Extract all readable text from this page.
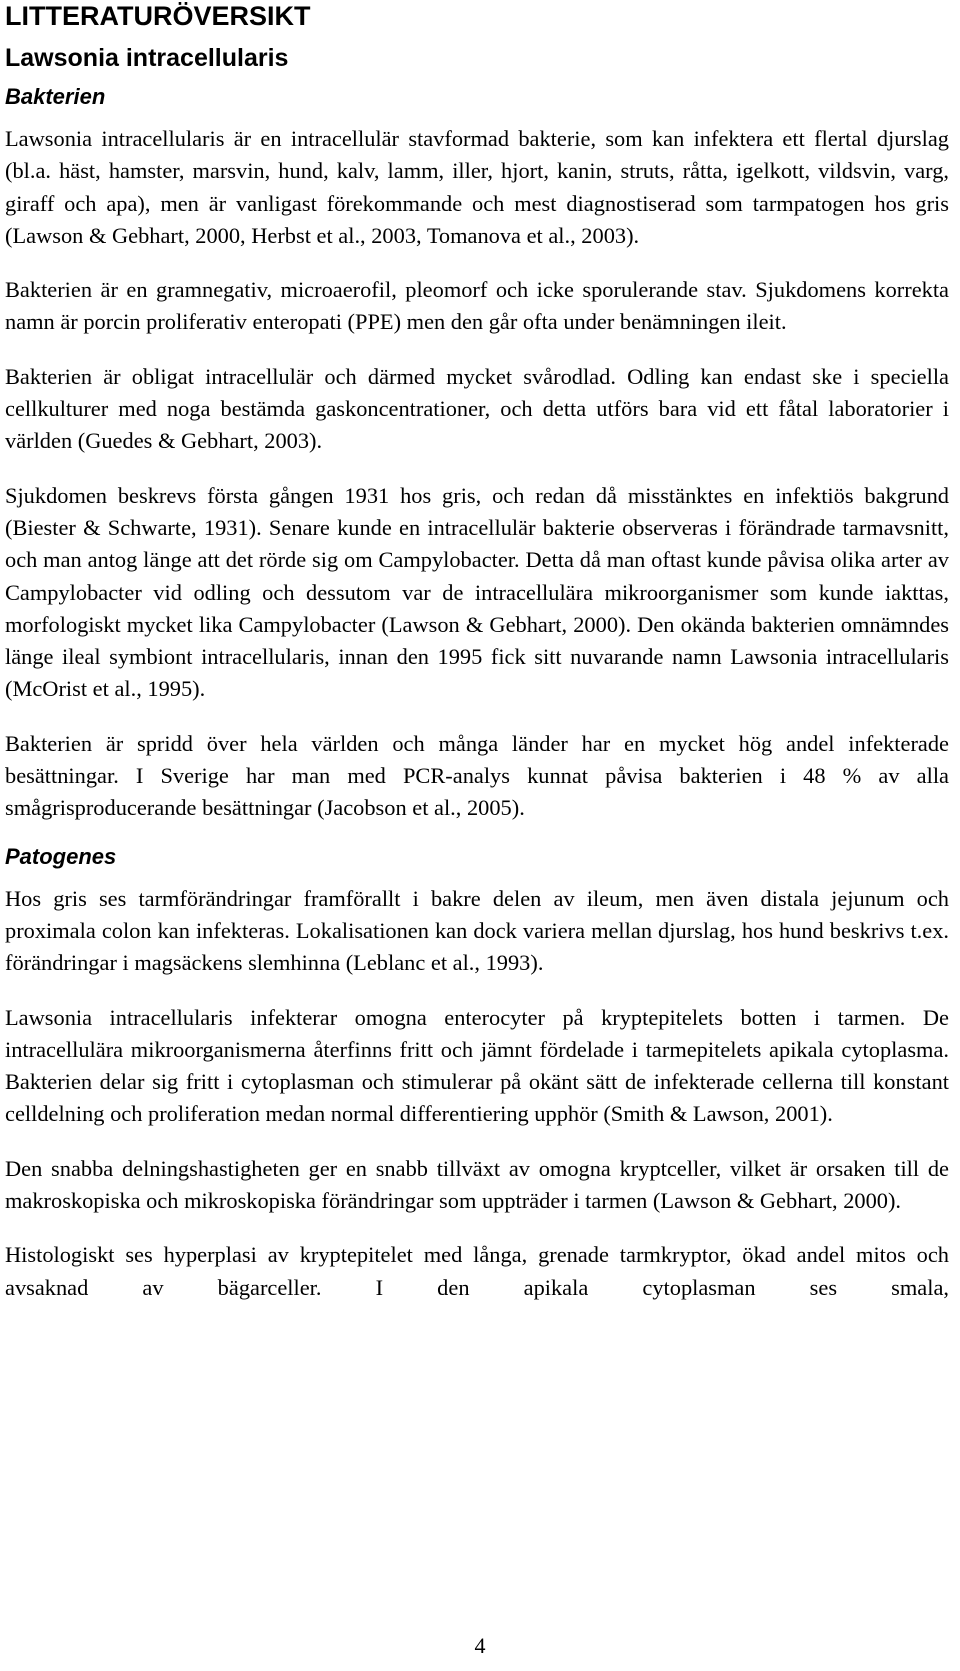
LITTERATURÖVERSIKT
Lawsonia intracellularis
Bakterien

Lawsonia intracellularis är en intracellulär stavformad bakterie, som kan infektera ett flertal djurslag (bl.a. häst, hamster, marsvin, hund, kalv, lamm, iller, hjort, kanin, struts, råtta, igelkott, vildsvin, varg, giraff och apa), men är vanligast förekommande och mest diagnostiserad som tarmpatogen hos gris (Lawson & Gebhart, 2000, Herbst et al., 2003, Tomanova et al., 2003).

Bakterien är en gramnegativ, microaerofil, pleomorf och icke sporulerande stav. Sjukdomens korrekta namn är porcin proliferativ enteropati (PPE) men den går ofta under benämningen ileit.

Bakterien är obligat intracellulär och därmed mycket svårodlad. Odling kan endast ske i speciella cellkulturer med noga bestämda gaskoncentrationer, och detta utförs bara vid ett fåtal laboratorier i världen (Guedes & Gebhart, 2003).

Sjukdomen beskrevs första gången 1931 hos gris, och redan då misstänktes en infektiös bakgrund (Biester & Schwarte, 1931). Senare kunde en intracellulär bakterie observeras i förändrade tarmavsnitt, och man antog länge att det rörde sig om Campylobacter. Detta då man oftast kunde påvisa olika arter av Campylobacter vid odling och dessutom var de intracellulära mikroorganismer som kunde iakttas, morfologiskt mycket lika Campylobacter (Lawson & Gebhart, 2000). Den okända bakterien omnämndes länge ileal symbiont intracellularis, innan den 1995 fick sitt nuvarande namn Lawsonia intracellularis (McOrist et al., 1995).

Bakterien är spridd över hela världen och många länder har en mycket hög andel infekterade besättningar. I Sverige har man med PCR-analys kunnat påvisa bakterien i 48 % av alla smågrisproducerande besättningar (Jacobson et al., 2005).

Patogenes

Hos gris ses tarmförändringar framförallt i bakre delen av ileum, men även distala jejunum och proximala colon kan infekteras. Lokalisationen kan dock variera mellan djurslag, hos hund beskrivs t.ex. förändringar i magsäckens slemhinna (Leblanc et al., 1993).

Lawsonia intracellularis infekterar omogna enterocyter på kryptepitelets botten i tarmen. De intracellulära mikroorganismerna återfinns fritt och jämnt fördelade i tarmepitelets apikala cytoplasma. Bakterien delar sig fritt i cytoplasman och stimulerar på okänt sätt de infekterade cellerna till konstant celldelning och proliferation medan normal differentiering upphör (Smith & Lawson, 2001).

Den snabba delningshastigheten ger en snabb tillväxt av omogna kryptceller, vilket är orsaken till de makroskopiska och mikroskopiska förändringar som uppträder i tarmen (Lawson & Gebhart, 2000).

Histologiskt ses hyperplasi av kryptepitelet med långa, grenade tarmkryptor, ökad andel mitos och avsaknad av bägarceller. I den apikala cytoplasman ses smala,

4
